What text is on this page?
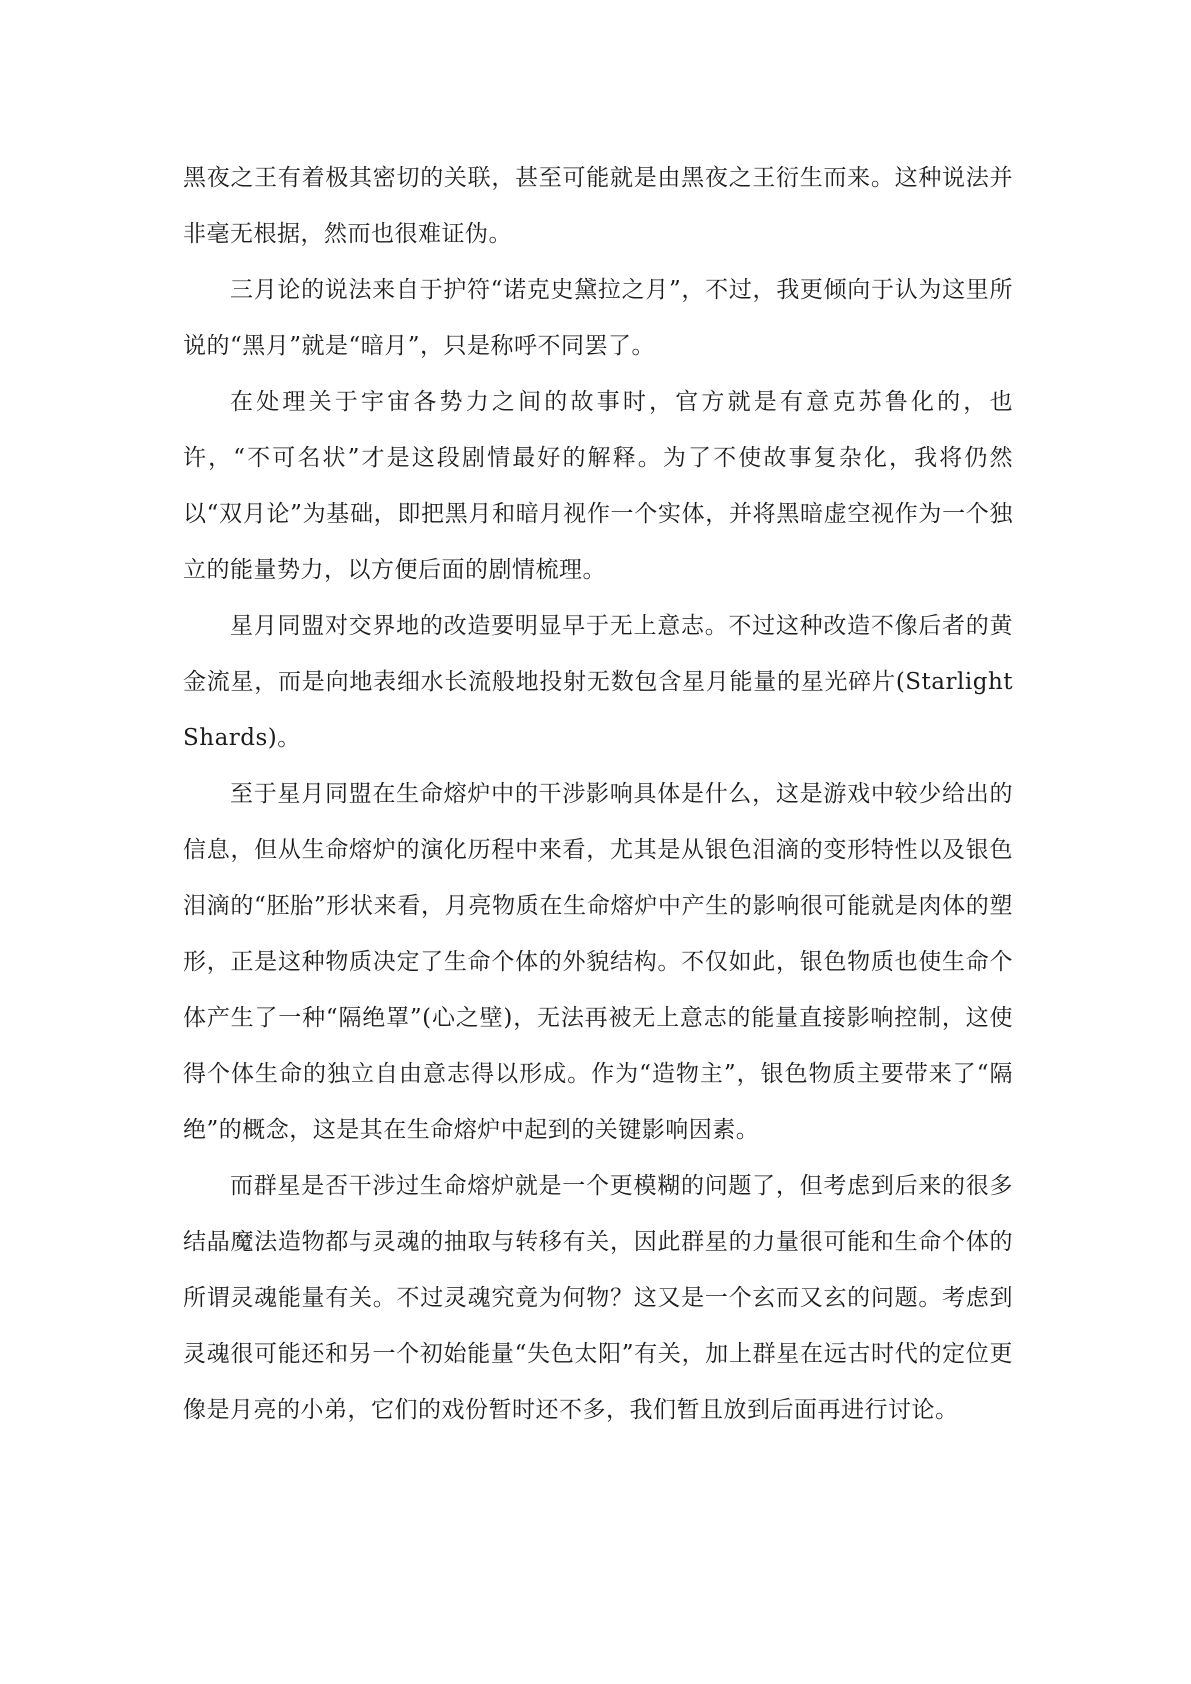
黑夜之王有着极其密切的关联，甚至可能就是由黑夜之王衍生而来。这种说法并非毫无根据，然而也很难证伪。

三月论的说法来自于护符“诺克史黛拉之月”，不过，我更倾向于认为这里所说的“黑月”就是“暗月”，只是称呼不同罢了。

在处理关于宇宙各势力之间的故事时，官方就是有意克苏鲁化的，也许，“不可名状”才是这段剧情最好的解释。为了不使故事复杂化，我将仍然以“双月论”为基础，即把黑月和暗月视作一个实体，并将黑暗虚空视作为一个独立的能量势力，以方便后面的剧情梳理。

星月同盟对交界地的改造要明显早于无上意志。不过这种改造不像后者的黄金流星，而是向地表细水长流般地投射无数包含星月能量的星光碎片(Starlight Shards)。

至于星月同盟在生命熔炉中的干涉影响具体是什么，这是游戏中较少给出的信息，但从生命熔炉的演化历程中来看，尤其是从银色泪滴的变形特性以及银色泪滴的“胚胎”形状来看，月亮物质在生命熔炉中产生的影响很可能就是肉体的塑形，正是这种物质决定了生命个体的外貌结构。不仅如此，银色物质也使生命个体产生了一种“隔绝罩”(心之壁)，无法再被无上意志的能量直接影响控制，这使得个体生命的独立自由意志得以形成。作为“造物主”，银色物质主要带来了“隔绝”的概念，这是其在生命熔炉中起到的关键影响因素。

而群星是否干涉过生命熔炉就是一个更模糊的问题了，但考虑到后来的很多结晶魔法造物都与灵魂的抽取与转移有关，因此群星的力量很可能和生命个体的所谓灵魂能量有关。不过灵魂究竟为何物？这又是一个玄而又玄的问题。考虑到灵魂很可能还和另一个初始能量“失色太阳”有关，加上群星在远古时代的定位更像是月亮的小弟，它们的戏份暂时还不多，我们暂且放到后面再进行讨论。
